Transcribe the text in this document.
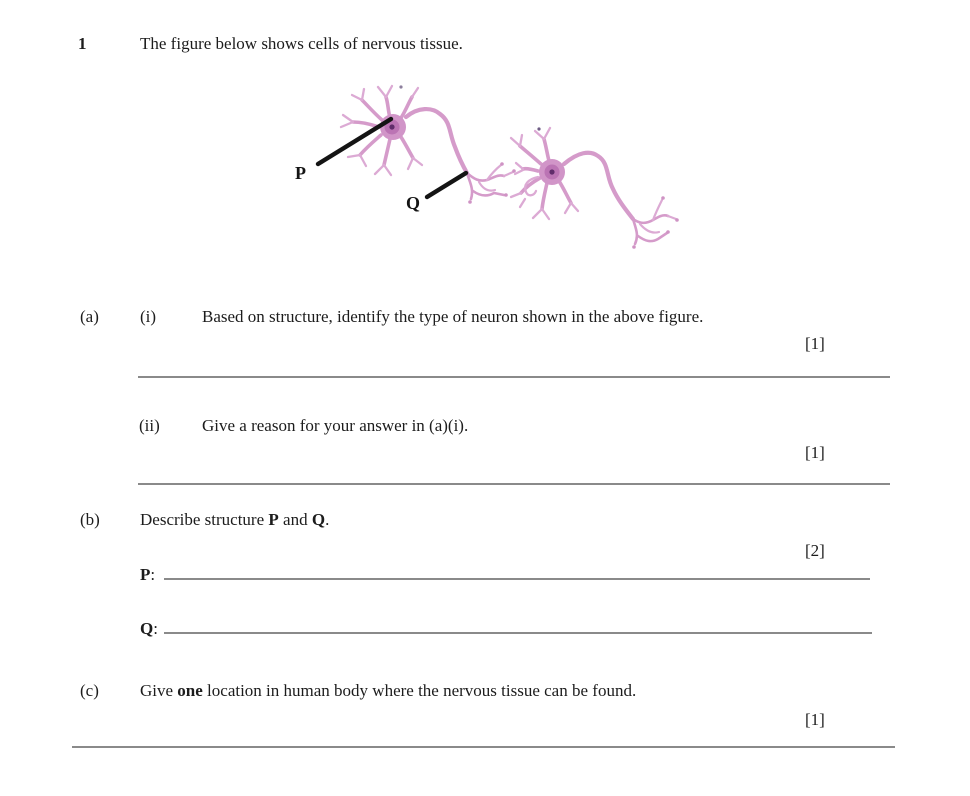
1	The figure below shows cells of nervous tissue.
P
Q
(a) (i)	Based on structure, identify the type of neuron shown in the above figure.
[1]
(ii) Give a reason for your answer in (a)(i).
[1]
(b) Describe structure P and Q.
[2]
P:
Q:
(c) Give one location in human body where the nervous tissue can be found.
[1]
